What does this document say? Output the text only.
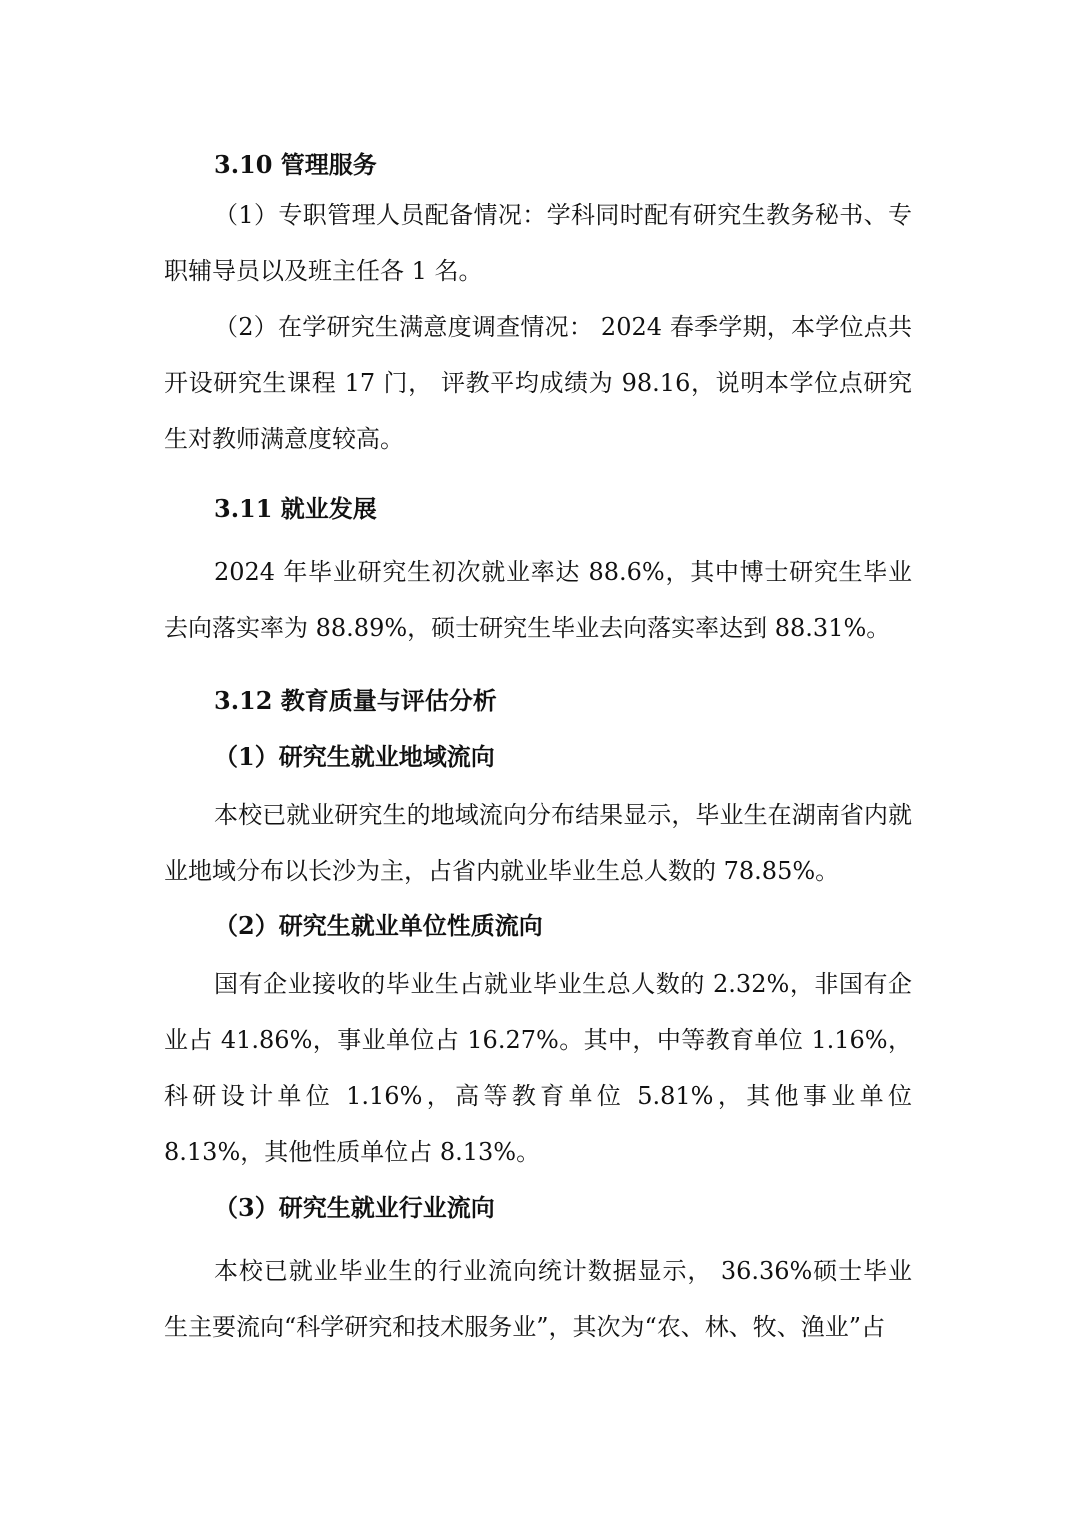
3.10 管理服务

（1）专职管理人员配备情况：学科同时配有研究生教务秘书、专职辅导员以及班主任各 1 名。

（2）在学研究生满意度调查情况： 2024 春季学期，本学位点共开设研究生课程 17 门， 评教平均成绩为 98.16，说明本学位点研究生对教师满意度较高。

3.11 就业发展

2024 年毕业研究生初次就业率达 88.6%，其中博士研究生毕业去向落实率为 88.89%，硕士研究生毕业去向落实率达到 88.31%。

3.12 教育质量与评估分析
（1）研究生就业地域流向

本校已就业研究生的地域流向分布结果显示，毕业生在湖南省内就业地域分布以长沙为主，占省内就业毕业生总人数的 78.85%。

（2）研究生就业单位性质流向

国有企业接收的毕业生占就业毕业生总人数的 2.32%，非国有企业占 41.86%，事业单位占 16.27%。其中，中等教育单位 1.16%，科研设计单位 1.16%，高等教育单位 5.81%，其他事业单位 8.13%，其他性质单位占 8.13%。

（3）研究生就业行业流向

本校已就业毕业生的行业流向统计数据显示， 36.36%硕士毕业生主要流向“科学研究和技术服务业”，其次为“农、林、牧、渔业”占
